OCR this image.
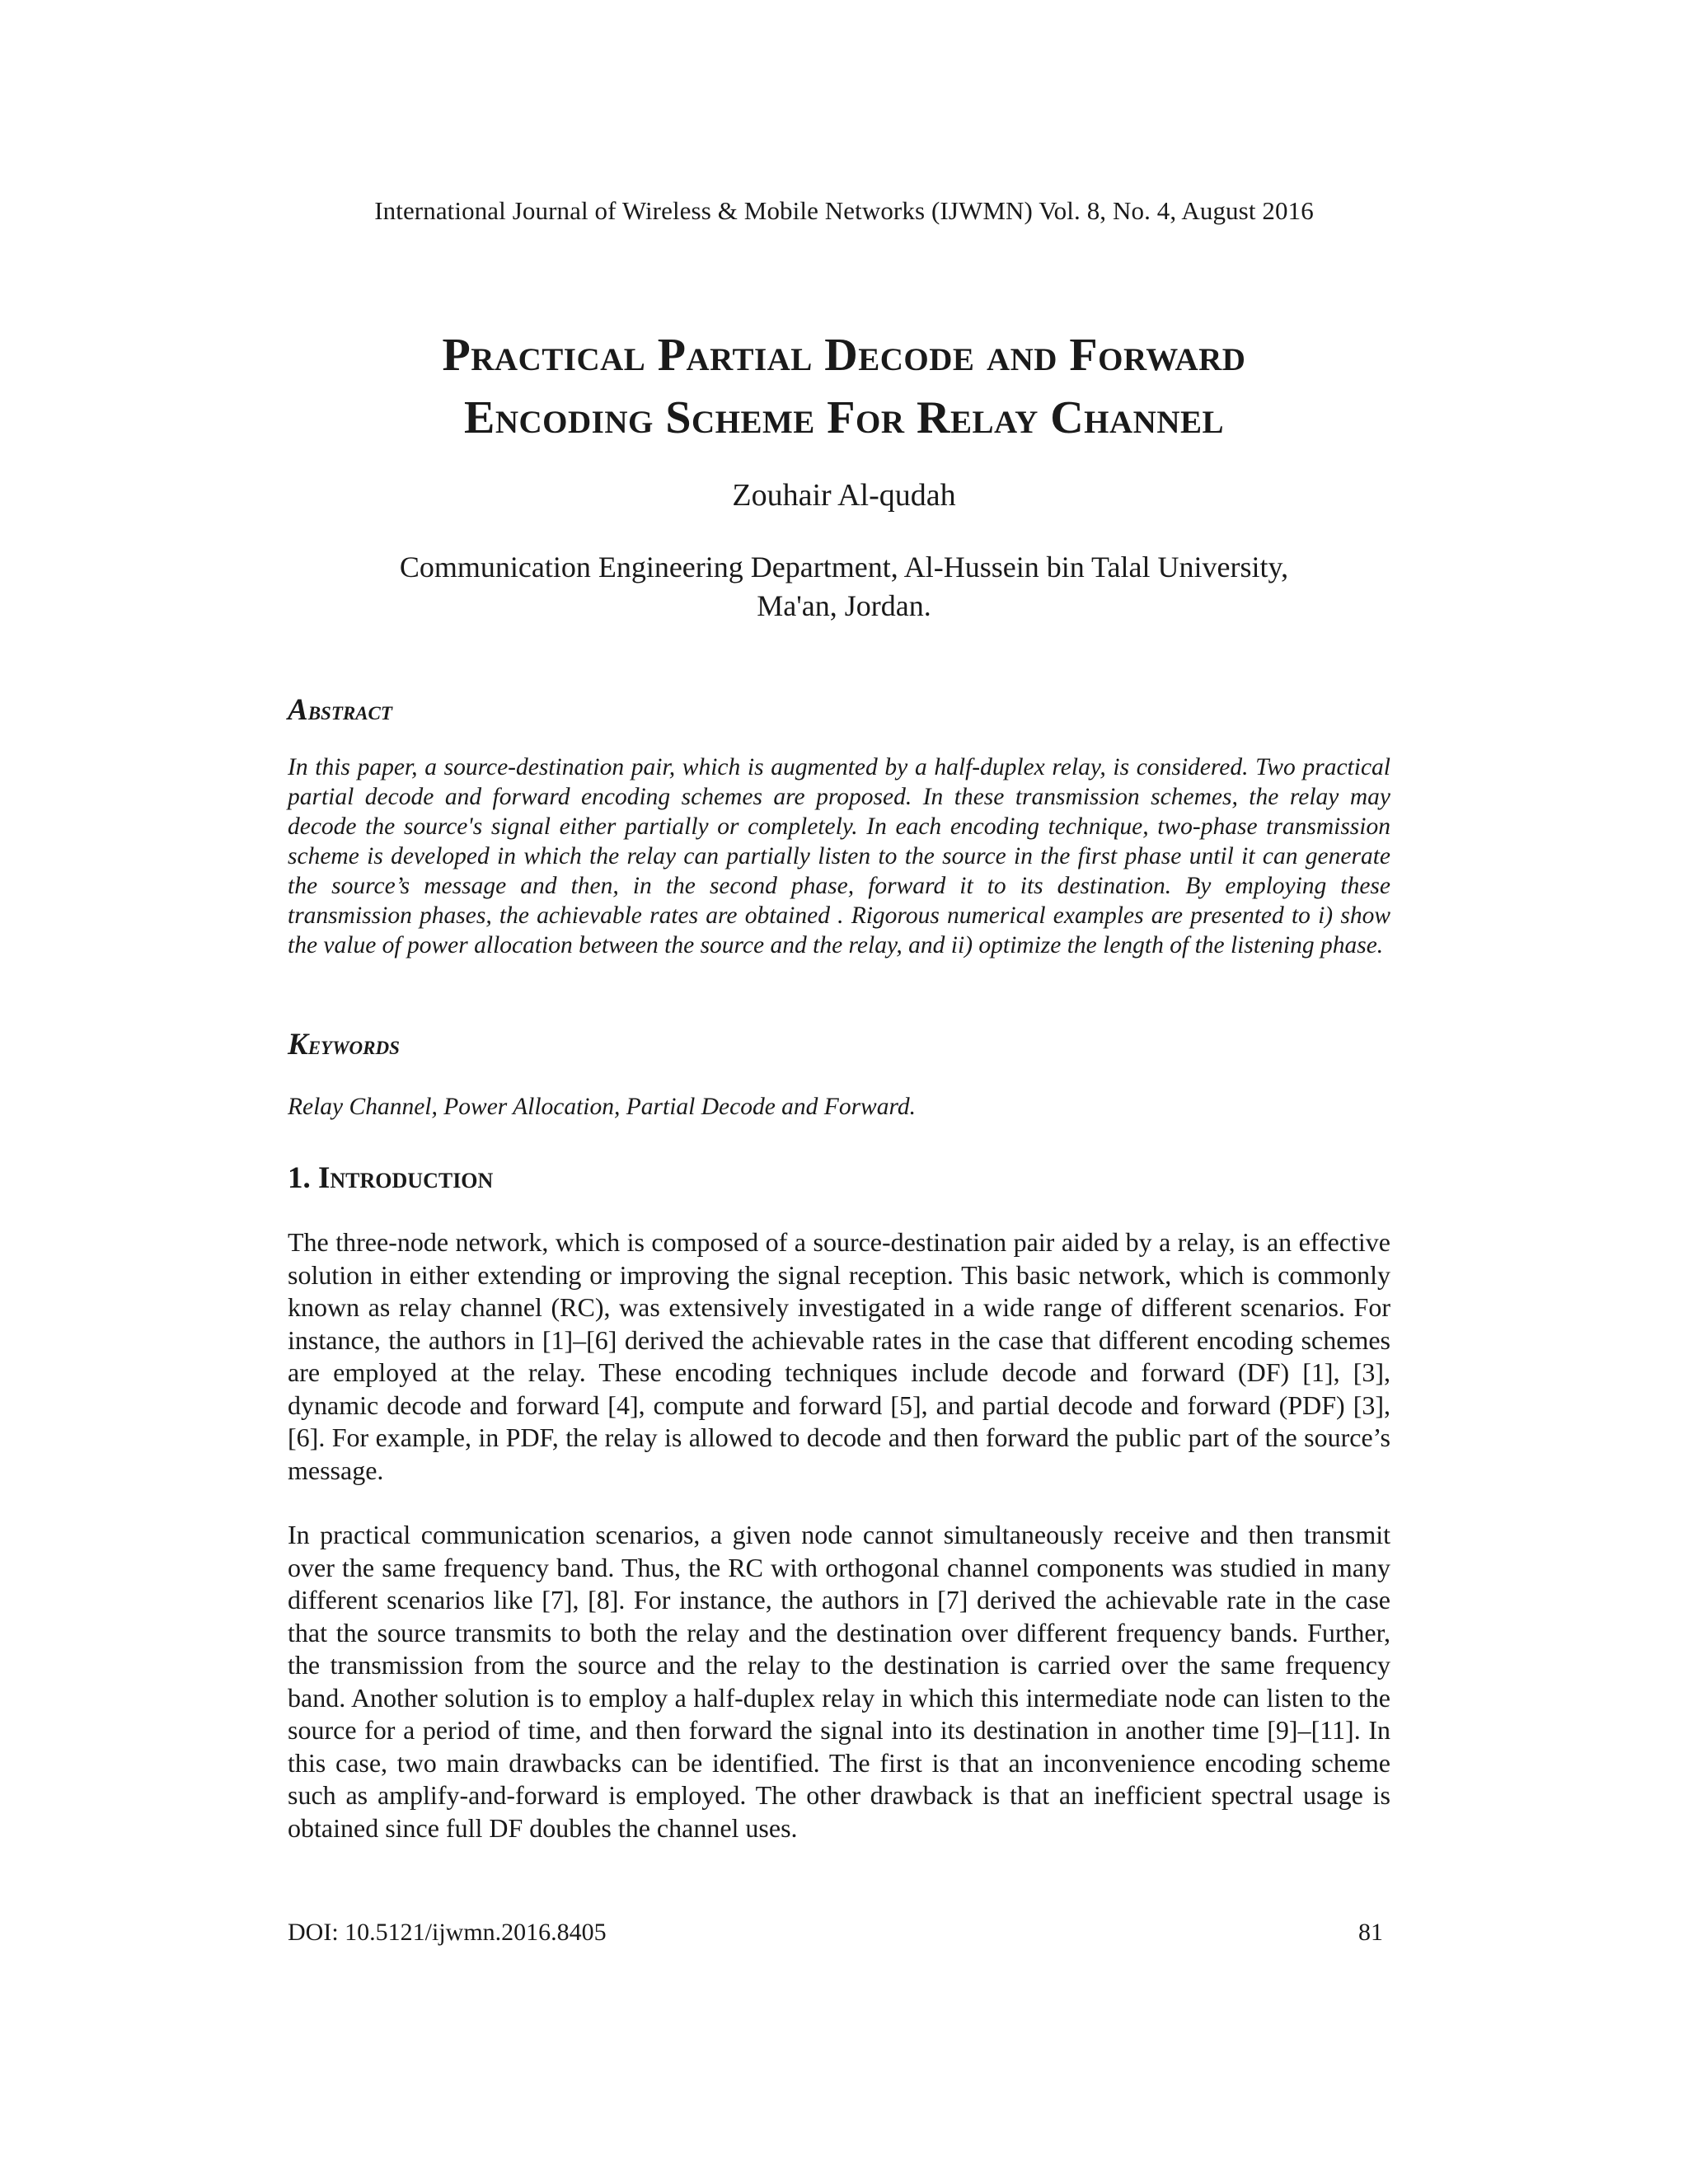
International Journal of Wireless & Mobile Networks (IJWMN) Vol. 8, No. 4, August 2016
Practical Partial Decode and Forward
Encoding Scheme For Relay Channel
Zouhair Al-qudah
Communication Engineering Department, Al-Hussein bin Talal University,
Ma'an, Jordan.
Abstract

In this paper, a source-destination pair, which is augmented by a half-duplex relay, is considered. Two practical partial decode and forward encoding schemes are proposed. In these transmission schemes, the relay may decode the source's signal either partially or completely. In each encoding technique, two-phase transmission scheme is developed in which the relay can partially listen to the source in the first phase until it can generate the source’s message and then, in the second phase, forward it to its destination. By employing these transmission phases, the achievable rates are obtained . Rigorous numerical examples are presented to i) show the value of power allocation between the source and the relay, and ii) optimize the length of the listening phase.

Keywords

Relay Channel, Power Allocation, Partial Decode and Forward.

1. Introduction

The three-node network, which is composed of a source-destination pair aided by a relay, is an effective solution in either extending or improving the signal reception. This basic network, which is commonly known as relay channel (RC), was extensively investigated in a wide range of different scenarios. For instance, the authors in [1]–[6] derived the achievable rates in the case that different encoding schemes are employed at the relay. These encoding techniques include decode and forward (DF) [1], [3], dynamic decode and forward [4], compute and forward [5], and partial decode and forward (PDF) [3], [6]. For example, in PDF, the relay is allowed to decode and then forward the public part of the source’s message.

In practical communication scenarios, a given node cannot simultaneously receive and then transmit over the same frequency band. Thus, the RC with orthogonal channel components was studied in many different scenarios like [7], [8]. For instance, the authors in [7] derived the achievable rate in the case that the source transmits to both the relay and the destination over different frequency bands. Further, the transmission from the source and the relay to the destination is carried over the same frequency band. Another solution is to employ a half-duplex relay in which this intermediate node can listen to the source for a period of time, and then forward the signal into its destination in another time [9]–[11]. In this case, two main drawbacks can be identified. The first is that an inconvenience encoding scheme such as amplify-and-forward is employed. The other drawback is that an inefficient spectral usage is obtained since full DF doubles the channel uses.

DOI: 10.5121/ijwmn.2016.8405	81
